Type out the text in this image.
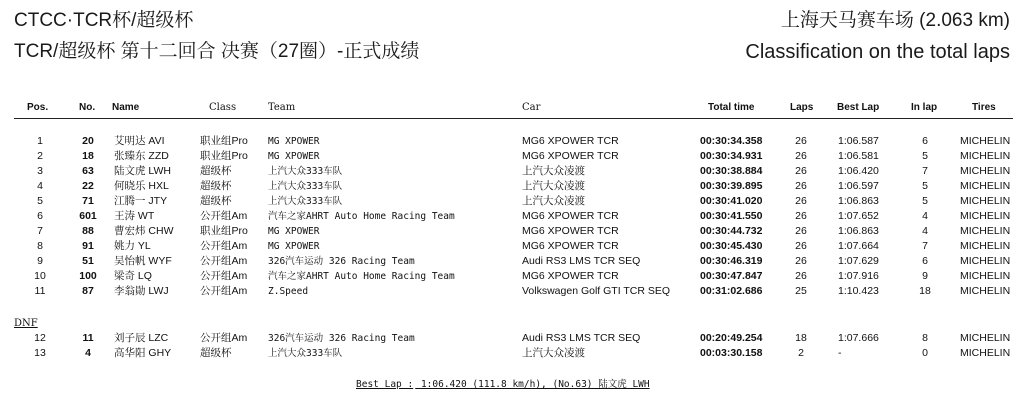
CTCC·TCR杯/超级杯
TCR/超级杯 第十二回合 决赛（27圈）-正式成绩
上海天马赛车场 (2.063 km)
Classification on the total laps
Pos.	No. Name	Class	Team	Car	Total time	Laps Best Lap	In lap	Tires
1	20 艾明达 AVI	职业组Pro MG XPOWER	MG6 XPOWER TCR	00:30:34.358	26	1:06.587	6	MICHELIN
2	18 张臻东 ZZD	职业组Pro MG XPOWER	MG6 XPOWER TCR	00:30:34.931	26	1:06.581	5	MICHELIN
3	63 陆文虎 LWH	超级杯	上汽大众333车队	上汽大众凌渡	00:30:38.884	26	1:06.420	7	MICHELIN
4	22 何晓乐 HXL	超级杯	上汽大众333车队	上汽大众凌渡	00:30:39.895	26	1:06.597	5	MICHELIN
5	71 江腾一 JTY	超级杯	上汽大众333车队	上汽大众凌渡	00:30:41.020	26	1:06.863	5	MICHELIN
6	601 王涛 WT	公开组Am 汽车之家AHRT Auto Home Racing Team	MG6 XPOWER TCR	00:30:41.550	26	1:07.652	4	MICHELIN
7	88 曹宏炜 CHW	职业组Pro MG XPOWER	MG6 XPOWER TCR	00:30:44.732	26	1:06.863	4	MICHELIN
8	91 姚力 YL	公开组Am MG XPOWER	MG6 XPOWER TCR	00:30:45.430	26	1:07.664	7	MICHELIN
9	51 吴怡帆 WYF	公开组Am 326汽车运动 326 Racing Team	Audi RS3 LMS TCR SEQ	00:30:46.319	26	1:07.629	6	MICHELIN
10	100 梁奇 LQ	公开组Am 汽车之家AHRT Auto Home Racing Team	MG6 XPOWER TCR	00:30:47.847	26	1:07.916	9	MICHELIN
11	87 李翁勛 LWJ	公开组Am Z.Speed	Volkswagen Golf GTI TCR SEQ	00:31:02.686	25	1:10.423	18	MICHELIN
DNF
12	11 刘子辰 LZC	公开组Am 326汽车运动 326 Racing Team	Audi RS3 LMS TCR SEQ	00:20:49.254	18	1:07.666	8	MICHELIN
13	4 高华阳 GHY	超级杯	上汽大众333车队	上汽大众凌渡	00:03:30.158	2	-	0	MICHELIN
Best Lap : 1:06.420 (111.8 km/h), (No.63) 陆文虎 LWH
